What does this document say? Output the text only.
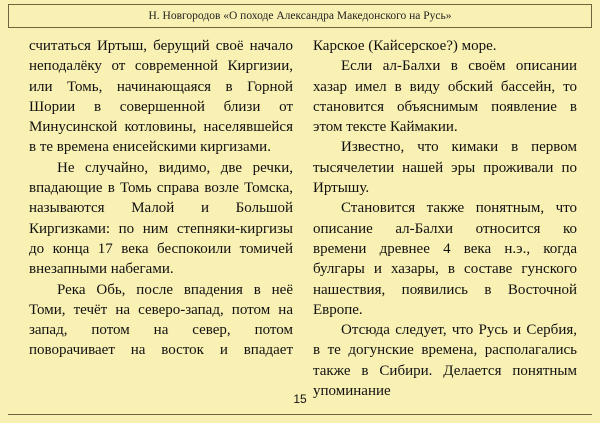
Н. Новгородов «О походе Александра Македонского на Русь»

считаться Иртыш, берущий своё начало неподалёку от современной Киргизии, или Томь, начинающаяся в Горной Шории в совершенной близи от Минусинской котловины, населявшейся в те времена енисейскими киргизами.

Не случайно, видимо, две речки, впадающие в Томь справа возле Томска, называются Малой и Большой Киргизками: по ним степняки-киргизы до конца 17 века беспокоили томичей внезапными набегами.

Река Обь, после впадения в неё Томи, течёт на северо-запад, потом на запад, потом на север, потом поворачивает на восток и впадает

Карское (Кайсерское?) море.

Если ал-Балхи в своём описании хазар имел в виду обский бассейн, то становится объяснимым появление в этом тексте Каймакии.

Известно, что кимаки в первом тысячелетии нашей эры проживали по Иртышу.

Становится также понятным, что описание ал-Балхи относится ко времени древнее 4 века н.э., когда булгары и хазары, в составе гунского нашествия, появились в Восточной Европе.

Отсюда следует, что Русь и Сербия, в те догунские времена, располагались также в Сибири. Делается понятным упоминание

15
